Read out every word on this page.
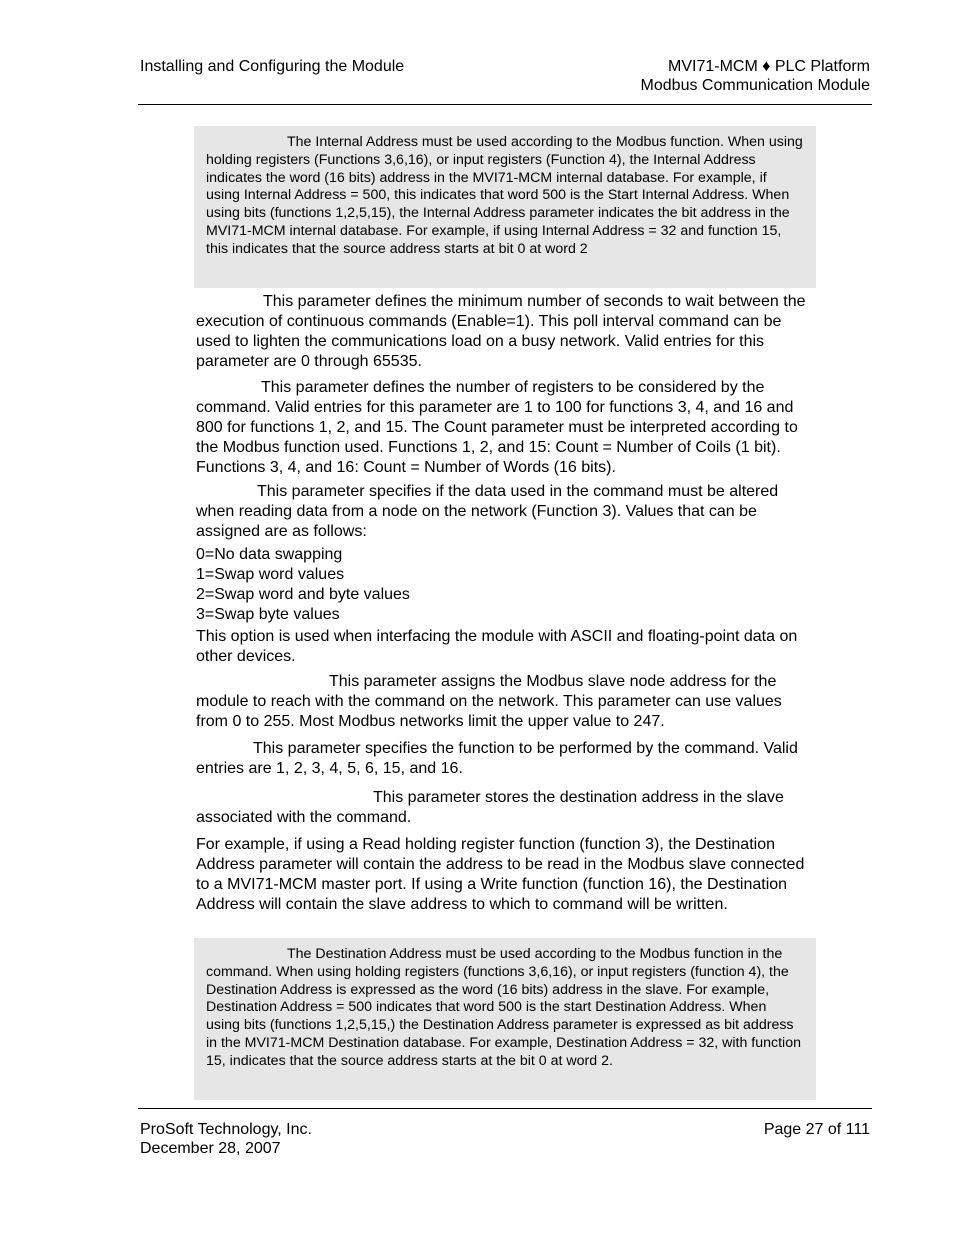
Installing and Configuring the Module	MVI71-MCM ♦ PLC Platform
Modbus Communication Module
The Internal Address must be used according to the Modbus function. When using holding registers (Functions 3,6,16), or input registers (Function 4), the Internal Address indicates the word (16 bits) address in the MVI71-MCM internal database. For example, if using Internal Address = 500, this indicates that word 500 is the Start Internal Address. When using bits (functions 1,2,5,15), the Internal Address parameter indicates the bit address in the MVI71-MCM internal database. For example, if using Internal Address = 32 and function 15, this indicates that the source address starts at bit 0 at word 2
This parameter defines the minimum number of seconds to wait between the execution of continuous commands (Enable=1). This poll interval command can be used to lighten the communications load on a busy network. Valid entries for this parameter are 0 through 65535.
This parameter defines the number of registers to be considered by the command. Valid entries for this parameter are 1 to 100 for functions 3, 4, and 16 and 800 for functions 1, 2, and 15. The Count parameter must be interpreted according to the Modbus function used. Functions 1, 2, and 15: Count = Number of Coils (1 bit). Functions 3, 4, and 16: Count = Number of Words (16 bits).
This parameter specifies if the data used in the command must be altered when reading data from a node on the network (Function 3). Values that can be assigned are as follows:
0=No data swapping
1=Swap word values
2=Swap word and byte values
3=Swap byte values
This option is used when interfacing the module with ASCII and floating-point data on other devices.
This parameter assigns the Modbus slave node address for the module to reach with the command on the network. This parameter can use values from 0 to 255. Most Modbus networks limit the upper value to 247.
This parameter specifies the function to be performed by the command. Valid entries are 1, 2, 3, 4, 5, 6, 15, and 16.
This parameter stores the destination address in the slave associated with the command.
For example, if using a Read holding register function (function 3), the Destination Address parameter will contain the address to be read in the Modbus slave connected to a MVI71-MCM master port. If using a Write function (function 16), the Destination Address will contain the slave address to which to command will be written.
The Destination Address must be used according to the Modbus function in the command. When using holding registers (functions 3,6,16), or input registers (function 4), the Destination Address is expressed as the word (16 bits) address in the slave. For example, Destination Address = 500 indicates that word 500 is the start Destination Address. When using bits (functions 1,2,5,15,) the Destination Address parameter is expressed as bit address in the MVI71-MCM Destination database. For example, Destination Address = 32, with function 15, indicates that the source address starts at the bit 0 at word 2.
ProSoft Technology, Inc.
December 28, 2007
Page 27 of 111
